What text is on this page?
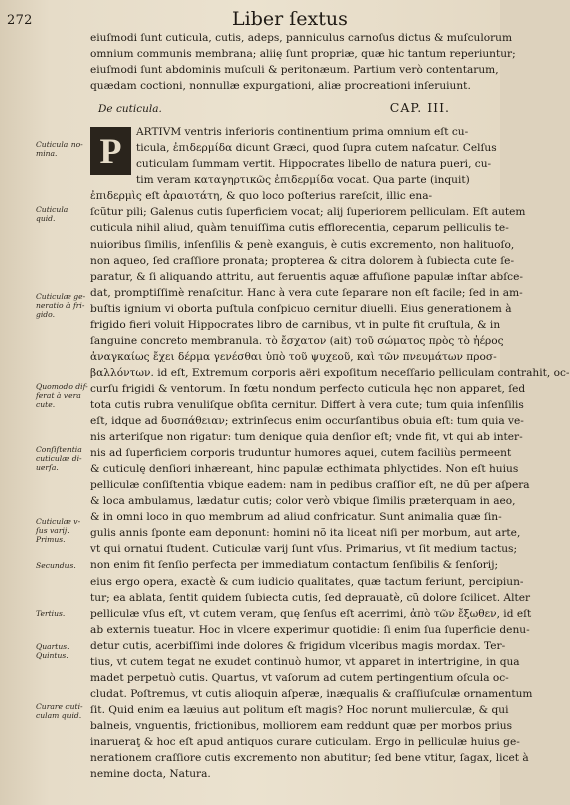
272	Liber ſextus
eiuſmodi ſunt cuticula, cutis, adeps, panniculus carnoſus dictus & muſculorum
omnium communis membrana; aliię ſunt propriæ, quæ hic tantum reperiuntur;
eiuſmodi ſunt abdominis muſculi & peritonæum. Partium verò contentarum,
quædam coctioni, nonnullæ expurgationi, aliæ procreationi inſeruiunt.
De cuticula.	CAP. III.
ARTIVM ventris inferioris continentium prima omnium eſt cu-
ticula, ἐπιδερμίδα dicunt Græci, quod ſupra cutem naſcatur. Celſus
cuticulam ſummam vertit. Hippocrates libello de natura pueri, cu-
tim veram καταγηρτικῶς ἐπιδερμίδα vocat. Qua parte (inquit)
ἐπιδερμὶς eſt ἀραιοτάτη, & quo loco poſterius rareſcit, illic ena-
ſcũtur pili; Galenus cutis ſuperficiem vocat; alij ſuperiorem pelliculam. Eſt autem
cuticula nihil aliud, quàm tenuiſſima cutis efflorecentia, ceparum pelliculis te-
nuioribus ſimilis, inſenſilis & penè exanguis, è cutis excremento, non halituoſo,
non aqueo, ſed craſſiore pronata; propterea & citra dolorem à ſubiecta cute ſe-
paratur, & ſi aliquando attritu, aut feruentis aquæ affuſione papulæ inſtar abſce-
dat, promptiſſimè renaſcitur. Hanc à vera cute ſeparare non eſt facile; ſed in am-
buſtis ignium vi oborta puſtula conſpicuo cernitur diuelli. Eius generationem à
frigido fieri voluit Hippocrates libro de carnibus, vt in pulte fit cruſtula, & in
ſanguine concreto membranula. τὸ ἔσχατον (ait) τοῦ σώματος πρὸς τὸ ἠέρος
ἀναγκαίως ἔχει δέρμα γενέσθαι ὑπὸ τοῦ ψυχεοῦ, καὶ τῶν πνευμάτων προσ-
βαλλόντων. id eſt, Extremum corporis aëri expoſitum neceſſario pelliculam contrahit, oc-
curſu frigidi & ventorum. In fœtu nondum perfecto cuticula hęc non apparet, ſed
tota cutis rubra venuliſque obſita cernitur. Differt à vera cute; tum quia inſenſilis
eſt, idque ad δυσπάθειαν; extrinſecus enim occurſantibus obuia eſt: tum quia ve-
nis arteriſque non rigatur: tum denique quia denſior eſt; vnde fit, vt qui ab inter-
nis ad ſuperficiem corporis truduntur humores aquei, cutem faciliùs permeent
& cuticulę denſiori inhæreant, hinc papulæ ecthimata phlyctides. Non eſt huius
pelliculæ conſiſtentia vbique eadem: nam in pedibus craſſior eſt, ne dũ per aſpera
& loca ambulamus, lædatur cutis; color verò vbique ſimilis præterquam in aeo,
& in omni loco in quo membrum ad aliud confricatur. Sunt animalia quæ ſin-
gulis annis ſponte eam deponunt: homini nõ ita liceat niſi per morbum, aut arte,
vt qui ornatui ſtudent. Cuticulæ varij ſunt vſus. Primarius, vt ſit medium tactus;
non enim fit ſenſio perfecta per immediatum contactum ſenſibilis & ſenſorij;
eius ergo opera, exactè & cum iudicio qualitates, quæ tactum feriunt, percipiun-
tur; ea ablata, ſentit quidem ſubiecta cutis, ſed deprauatè, cũ dolore ſcilicet. Alter
pelliculæ vſus eſt, vt cutem veram, quę ſenſus eſt acerrimi, ἀπὸ τῶν ἔξωθεν, id eſt
ab externis tueatur. Hoc in vlcere experimur quotidie: ſi enim ſua ſuperficie denu-
detur cutis, acerbiſſimi inde dolores & frigidum vlceribus magis mordax. Ter-
tius, vt cutem tegat ne exudet continuò humor, vt apparet in intertrigine, in qua
madet perpetuò cutis. Quartus, vt vaſorum ad cutem pertingentium oſcula oc-
cludat. Poſtremus, vt cutis alioquin aſperæ, inæqualis & craſſiuſculæ ornamentum
ſit. Quid enim ea læuius aut politum eſt magis? Hoc norunt mulierculæ, & qui
balneis, vnguentis, frictionibus, molliorem eam reddunt quæ per morbos prius
inarueraţ & hoc eſt apud antiquos curare cuticulam. Ergo in pelliculæ huius ge-
nerationem craſſiore cutis excremento non abutitur; ſed bene vtitur, ſagax, licet à
nemine docta, Natura.
P
Cuticula no- mina.
Cuticula quid.
Cuticulæ ge- neratio à fri- gido.
Quomodo dif- ferat à vera cute.
Conſiſtentia cuticulæ di- uerſa.
Cuticulæ v- ſus varij. Primus.
Secundus.
Tertius.
Quartus. Quintus.
Curare cuti- culam quid.
